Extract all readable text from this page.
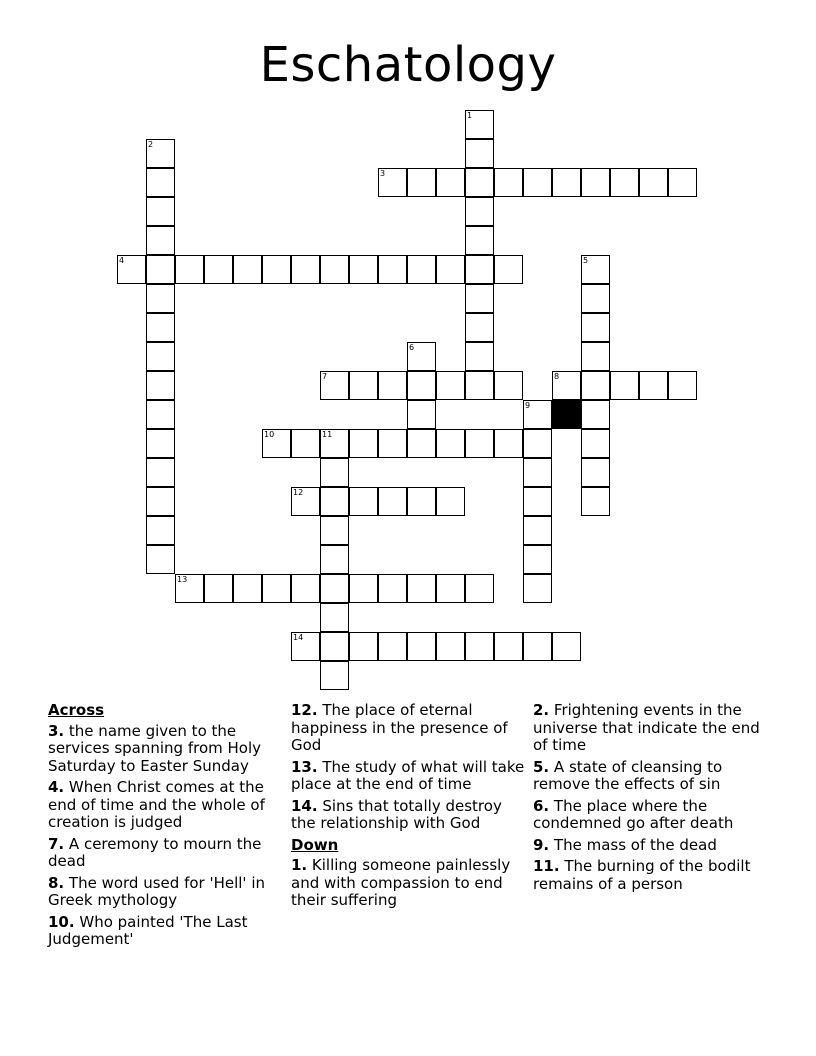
Eschatology
1
2
3
4	5
6
7	8
9
10	11
12
13
14
Across
3. the name given to the services spanning from Holy Saturday to Easter Sunday
4. When Christ comes at the end of time and the whole of creation is judged
7. A ceremony to mourn the dead
8. The word used for 'Hell' in Greek mythology
10. Who painted 'The Last Judgement'
12. The place of eternal happiness in the presence of God
13. The study of what will take place at the end of time
14. Sins that totally destroy the relationship with God
Down
1. Killing someone painlessly and with compassion to end their suffering
2. Frightening events in the universe that indicate the end of time
5. A state of cleansing to remove the effects of sin
6. The place where the condemned go after death
9. The mass of the dead
11. The burning of the bodilt remains of a person
